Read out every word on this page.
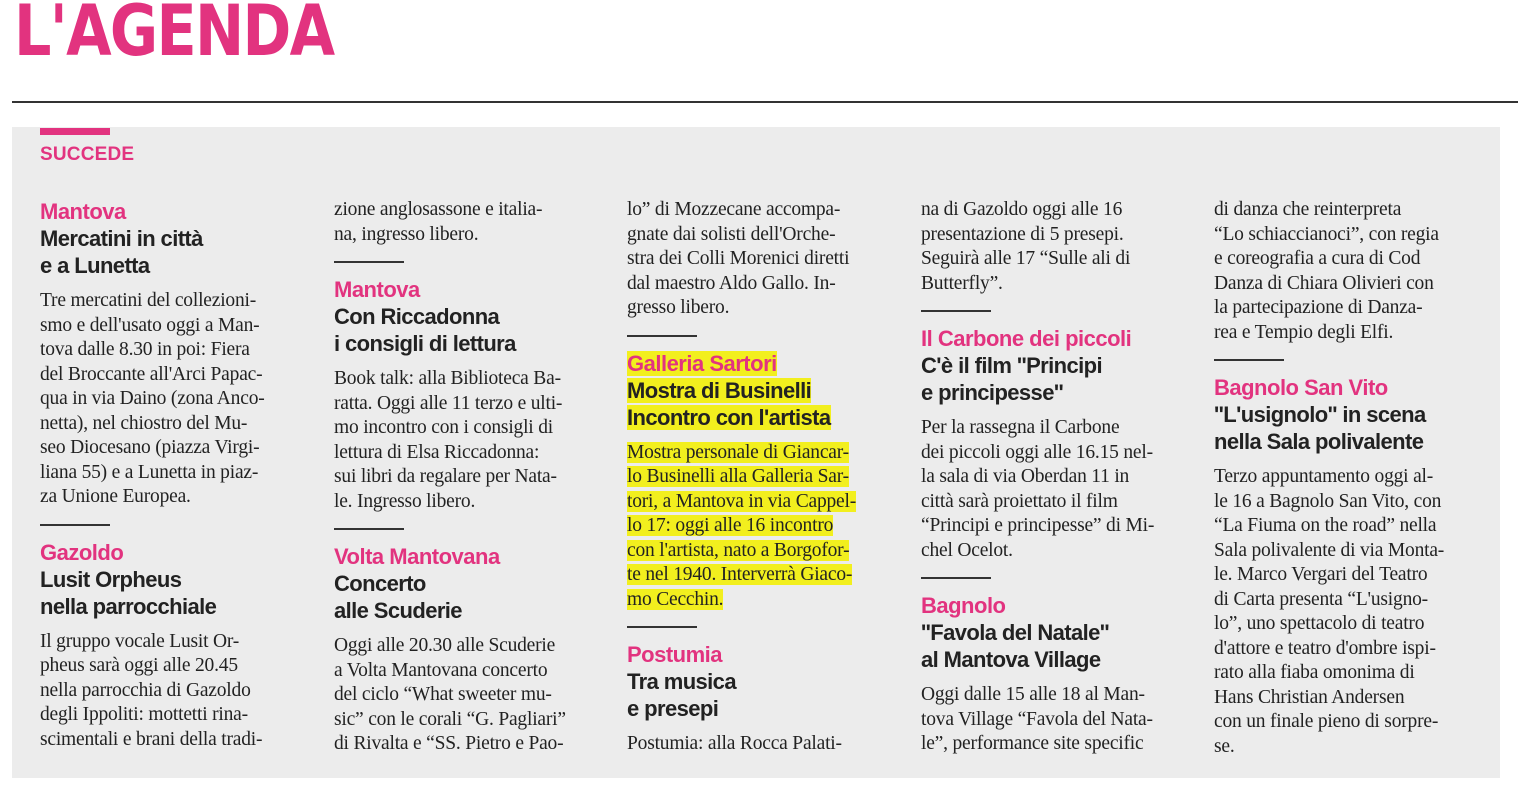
L'AGENDA
SUCCEDE
Mantova
Mercatini in città
e a Lunetta
Tre mercatini del collezioni-
smo e dell'usato oggi a Man-
tova dalle 8.30 in poi: Fiera
del Broccante all'Arci Papac-
qua in via Daino (zona Anco-
netta), nel chiostro del Mu-
seo Diocesano (piazza Virgi-
liana 55) e a Lunetta in piaz-
za Unione Europea.
Gazoldo
Lusit Orpheus
nella parrocchiale
Il gruppo vocale Lusit Or-
pheus sarà oggi alle 20.45
nella parrocchia di Gazoldo
degli Ippoliti: mottetti rina-
scimentali e brani della tradi-
zione anglosassone e italia-
na, ingresso libero.
Mantova
Con Riccadonna
i consigli di lettura
Book talk: alla Biblioteca Ba-
ratta. Oggi alle 11 terzo e ulti-
mo incontro con i consigli di
lettura di Elsa Riccadonna:
sui libri da regalare per Nata-
le. Ingresso libero.
Volta Mantovana
Concerto
alle Scuderie
Oggi alle 20.30 alle Scuderie
a Volta Mantovana concerto
del ciclo “What sweeter mu-
sic” con le corali “G. Pagliari”
di Rivalta e “SS. Pietro e Pao-
lo” di Mozzecane accompa-
gnate dai solisti dell'Orche-
stra dei Colli Morenici diretti
dal maestro Aldo Gallo. In-
gresso libero.
Galleria Sartori
Mostra di Businelli
Incontro con l'artista
Mostra personale di Giancar-
lo Businelli alla Galleria Sar-
tori, a Mantova in via Cappel-
lo 17: oggi alle 16 incontro
con l'artista, nato a Borgofor-
te nel 1940. Interverrà Giaco-
mo Cecchin.
Postumia
Tra musica
e presepi
Postumia: alla Rocca Palati-
na di Gazoldo oggi alle 16
presentazione di 5 presepi.
Seguirà alle 17 “Sulle ali di
Butterfly”.
Il Carbone dei piccoli
C'è il film ''Principi
e principesse''
Per la rassegna il Carbone
dei piccoli oggi alle 16.15 nel-
la sala di via Oberdan 11 in
città sarà proiettato il film
“Principi e principesse” di Mi-
chel Ocelot.
Bagnolo
''Favola del Natale''
al Mantova Village
Oggi dalle 15 alle 18 al Man-
tova Village “Favola del Nata-
le”, performance site specific
di danza che reinterpreta
“Lo schiaccianoci”, con regia
e coreografia a cura di Cod
Danza di Chiara Olivieri con
la partecipazione di Danza-
rea e Tempio degli Elfi.
Bagnolo San Vito
''L'usignolo'' in scena
nella Sala polivalente
Terzo appuntamento oggi al-
le 16 a Bagnolo San Vito, con
“La Fiuma on the road” nella
Sala polivalente di via Monta-
le. Marco Vergari del Teatro
di Carta presenta “L'usigno-
lo”, uno spettacolo di teatro
d'attore e teatro d'ombre ispi-
rato alla fiaba omonima di
Hans Christian Andersen
con un finale pieno di sorpre-
se.
